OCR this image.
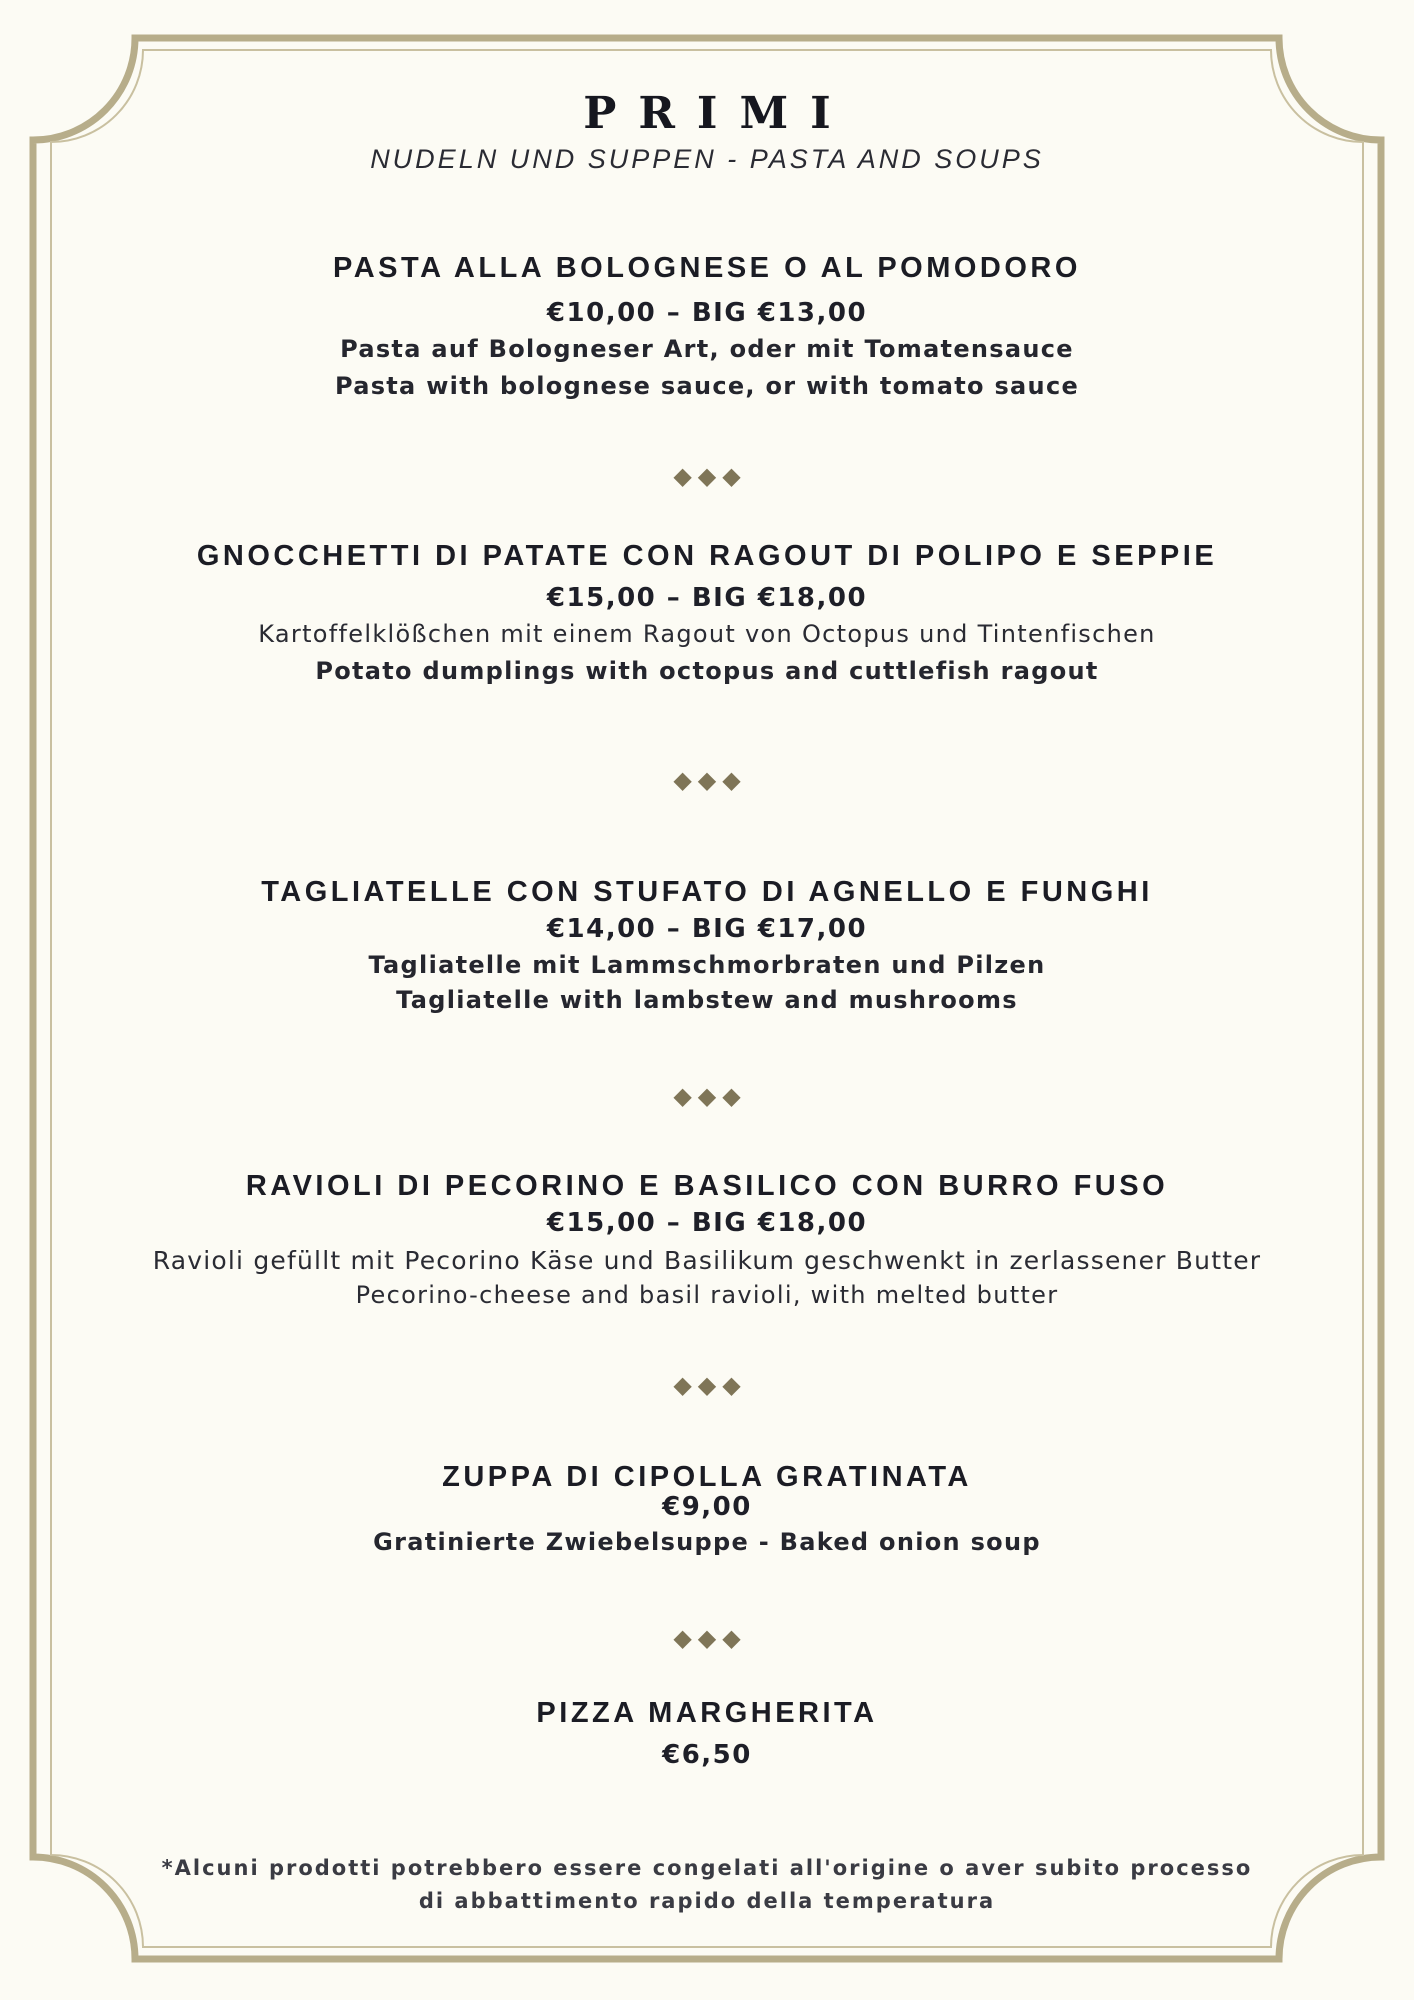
PRIMI
NUDELN UND SUPPEN - PASTA AND SOUPS
PASTA ALLA BOLOGNESE O AL POMODORO
€10,00 – BIG €13,00
Pasta auf Bologneser Art, oder mit Tomatensauce
Pasta with bolognese sauce, or with tomato sauce
◆◆◆
GNOCCHETTI DI PATATE CON RAGOUT DI POLIPO E SEPPIE
€15,00 – BIG €18,00
Kartoffelklößchen mit einem Ragout von Octopus und Tintenfischen
Potato dumplings with octopus and cuttlefish ragout
◆◆◆
TAGLIATELLE CON STUFATO DI AGNELLO E FUNGHI
€14,00 – BIG €17,00
Tagliatelle mit Lammschmorbraten und Pilzen
Tagliatelle with lambstew and mushrooms
◆◆◆
RAVIOLI DI PECORINO E BASILICO CON BURRO FUSO
€15,00 – BIG €18,00
Ravioli gefüllt mit Pecorino Käse und Basilikum geschwenkt in zerlassener Butter
Pecorino-cheese and basil ravioli, with melted butter
◆◆◆
ZUPPA DI CIPOLLA GRATINATA
€9,00
Gratinierte Zwiebelsuppe - Baked onion soup
◆◆◆
PIZZA MARGHERITA
€6,50
*Alcuni prodotti potrebbero essere congelati all'origine o aver subito processo
di abbattimento rapido della temperatura
